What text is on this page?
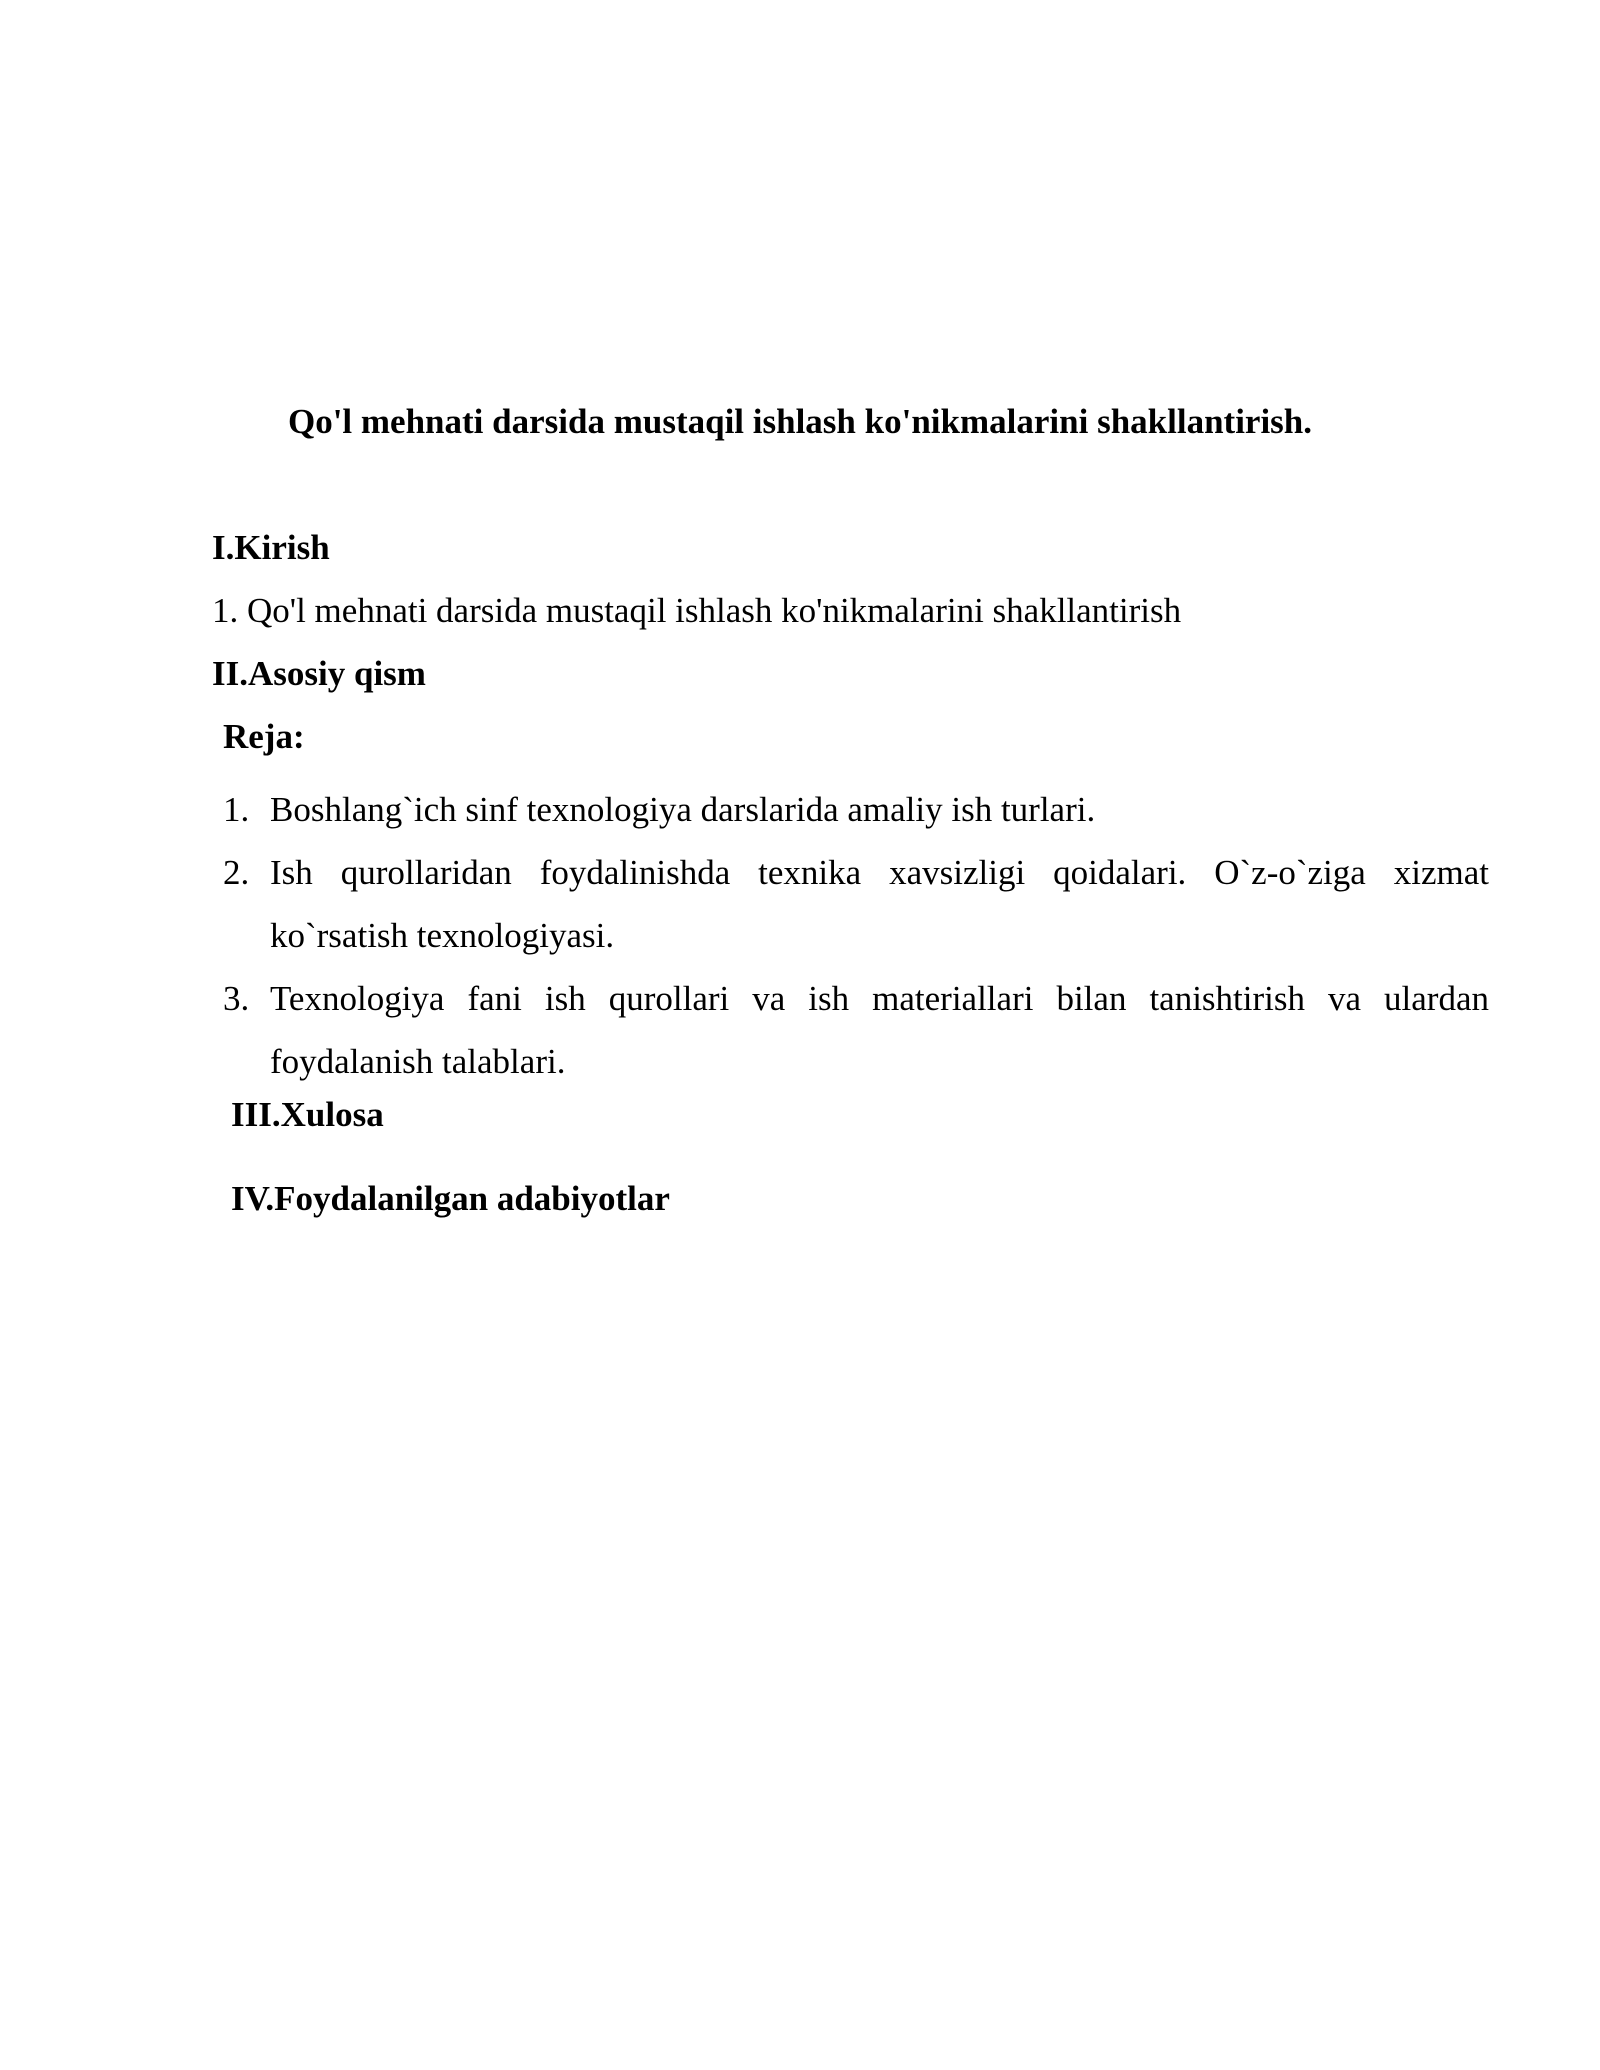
Qo'l mehnati darsida mustaqil ishlash ko'nikmalarini shakllantirish.

I.Kirish

1. Qo'l mehnati darsida mustaqil ishlash ko'nikmalarini shakllantirish

II.Asosiy qism

Reja:

1. Boshlang`ich sinf texnologiya darslarida amaliy ish turlari.
2. Ish qurollaridan foydalinishda texnika xavsizligi qoidalari. O`z-o`ziga xizmat ko`rsatish texnologiyasi.
3. Texnologiya fani ish qurollari va ish materiallari bilan tanishtirish va ulardan foydalanish talablari.

III.Xulosa

IV.Foydalanilgan adabiyotlar
